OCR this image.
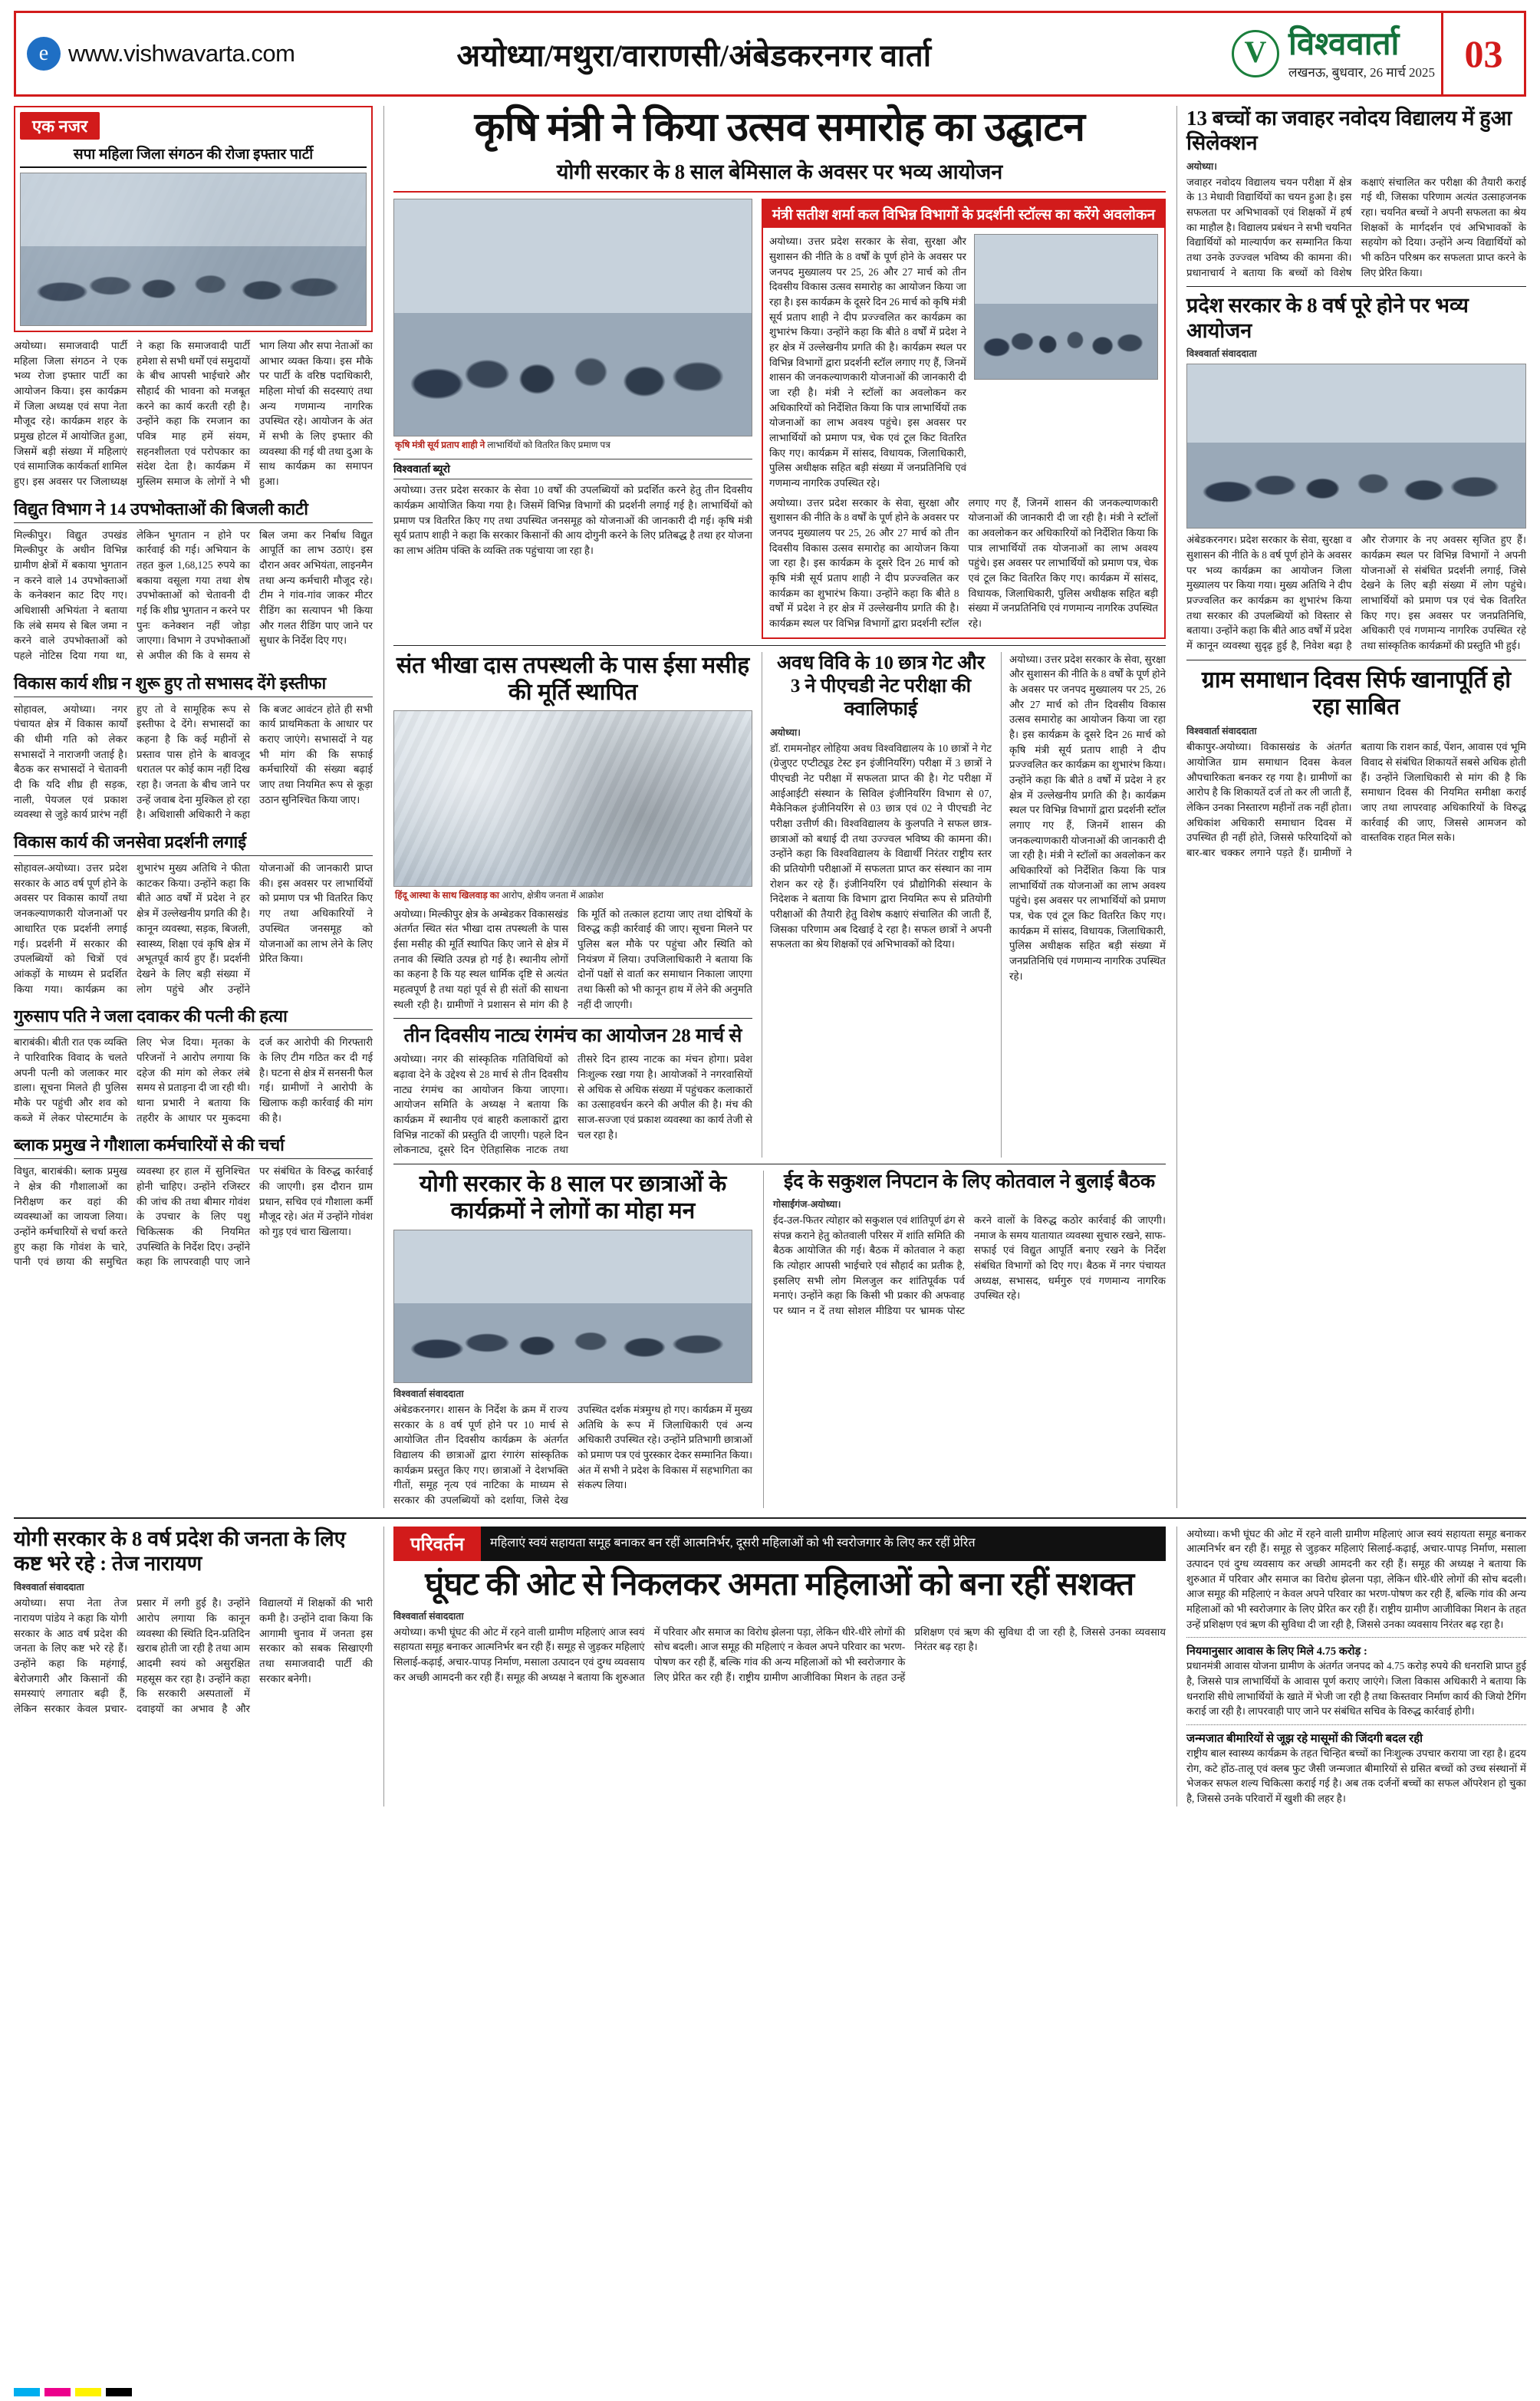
e www.vishwavarta.com	अयोध्या/मथुरा/वाराणसी/अंबेडकरनगर वार्ता V	विश्ववार्ता
लखनऊ, बुधवार, 26 मार्च 2025 03
एक नजर
सपा महिला जिला संगठन की रोजा इफ्तार पार्टी
अयोध्या। समाजवादी पार्टी महिला जिला संगठन ने एक भव्य रोजा इफ्तार पार्टी का आयोजन किया। इस कार्यक्रम में जिला अध्यक्ष एवं सपा नेता मौजूद रहे। कार्यक्रम शहर के प्रमुख होटल में आयोजित हुआ, जिसमें बड़ी संख्या में महिलाएं एवं सामाजिक कार्यकर्ता शामिल हुए। इस अवसर पर जिलाध्यक्ष ने कहा कि समाजवादी पार्टी हमेशा से सभी धर्मों एवं समुदायों के बीच आपसी भाईचारे और सौहार्द की भावना को मजबूत करने का कार्य करती रही है। उन्होंने कहा कि रमजान का पवित्र माह हमें संयम, सहनशीलता एवं परोपकार का संदेश देता है। कार्यक्रम में मुस्लिम समाज के लोगों ने भी भाग लिया और सपा नेताओं का आभार व्यक्त किया। इस मौके पर पार्टी के वरिष्ठ पदाधिकारी, महिला मोर्चा की सदस्याएं तथा अन्य गणमान्य नागरिक उपस्थित रहे। आयोजन के अंत में सभी के लिए इफ्तार की व्यवस्था की गई थी तथा दुआ के साथ कार्यक्रम का समापन हुआ।
विद्युत विभाग ने 14 उपभोक्ताओं की बिजली काटी
मिल्कीपुर। विद्युत उपखंड मिल्कीपुर के अधीन विभिन्न ग्रामीण क्षेत्रों में बकाया भुगतान न करने वाले 14 उपभोक्ताओं के कनेक्शन काट दिए गए। अधिशासी अभियंता ने बताया कि लंबे समय से बिल जमा न करने वाले उपभोक्ताओं को पहले नोटिस दिया गया था, लेकिन भुगतान न होने पर कार्रवाई की गई। अभियान के तहत कुल 1,68,125 रुपये का बकाया वसूला गया तथा शेष उपभोक्ताओं को चेतावनी दी गई कि शीघ्र भुगतान न करने पर पुनः कनेक्शन नहीं जोड़ा जाएगा। विभाग ने उपभोक्ताओं से अपील की कि वे समय से बिल जमा कर निर्बाध विद्युत आपूर्ति का लाभ उठाएं। इस दौरान अवर अभियंता, लाइनमैन तथा अन्य कर्मचारी मौजूद रहे। टीम ने गांव-गांव जाकर मीटर रीडिंग का सत्यापन भी किया और गलत रीडिंग पाए जाने पर सुधार के निर्देश दिए गए।
विकास कार्य शीघ्र न शुरू हुए तो सभासद देंगे इस्तीफा
सोहावल, अयोध्या। नगर पंचायत क्षेत्र में विकास कार्यों की धीमी गति को लेकर सभासदों ने नाराजगी जताई है। बैठक कर सभासदों ने चेतावनी दी कि यदि शीघ्र ही सड़क, नाली, पेयजल एवं प्रकाश व्यवस्था से जुड़े कार्य प्रारंभ नहीं हुए तो वे सामूहिक रूप से इस्तीफा दे देंगे। सभासदों का कहना है कि कई महीनों से प्रस्ताव पास होने के बावजूद धरातल पर कोई काम नहीं दिख रहा है। जनता के बीच जाने पर उन्हें जवाब देना मुश्किल हो रहा है। अधिशासी अधिकारी ने कहा कि बजट आवंटन होते ही सभी कार्य प्राथमिकता के आधार पर कराए जाएंगे। सभासदों ने यह भी मांग की कि सफाई कर्मचारियों की संख्या बढ़ाई जाए तथा नियमित रूप से कूड़ा उठान सुनिश्चित किया जाए।
विकास कार्य की जनसेवा प्रदर्शनी लगाई
सोहावल-अयोध्या। उत्तर प्रदेश सरकार के आठ वर्ष पूर्ण होने के अवसर पर विकास कार्यों तथा जनकल्याणकारी योजनाओं पर आधारित एक प्रदर्शनी लगाई गई। प्रदर्शनी में सरकार की उपलब्धियों को चित्रों एवं आंकड़ों के माध्यम से प्रदर्शित किया गया। कार्यक्रम का शुभारंभ मुख्य अतिथि ने फीता काटकर किया। उन्होंने कहा कि बीते आठ वर्षों में प्रदेश ने हर क्षेत्र में उल्लेखनीय प्रगति की है। कानून व्यवस्था, सड़क, बिजली, स्वास्थ्य, शिक्षा एवं कृषि क्षेत्र में अभूतपूर्व कार्य हुए हैं। प्रदर्शनी देखने के लिए बड़ी संख्या में लोग पहुंचे और उन्होंने योजनाओं की जानकारी प्राप्त की। इस अवसर पर लाभार्थियों को प्रमाण पत्र भी वितरित किए गए तथा अधिकारियों ने उपस्थित जनसमूह को योजनाओं का लाभ लेने के लिए प्रेरित किया।
गुरुसाप पति ने जला दवाकर की पत्नी की हत्या
बाराबंकी। बीती रात एक व्यक्ति ने पारिवारिक विवाद के चलते अपनी पत्नी को जलाकर मार डाला। सूचना मिलते ही पुलिस मौके पर पहुंची और शव को कब्जे में लेकर पोस्टमार्टम के लिए भेज दिया। मृतका के परिजनों ने आरोप लगाया कि दहेज की मांग को लेकर लंबे समय से प्रताड़ना दी जा रही थी। थाना प्रभारी ने बताया कि तहरीर के आधार पर मुकदमा दर्ज कर आरोपी की गिरफ्तारी के लिए टीम गठित कर दी गई है। घटना से क्षेत्र में सनसनी फैल गई। ग्रामीणों ने आरोपी के खिलाफ कड़ी कार्रवाई की मांग की है।
ब्लाक प्रमुख ने गौशाला कर्मचारियों से की चर्चा
विधुत, बाराबंकी। ब्लाक प्रमुख ने क्षेत्र की गौशालाओं का निरीक्षण कर वहां की व्यवस्थाओं का जायजा लिया। उन्होंने कर्मचारियों से चर्चा करते हुए कहा कि गोवंश के चारे, पानी एवं छाया की समुचित व्यवस्था हर हाल में सुनिश्चित होनी चाहिए। उन्होंने रजिस्टर की जांच की तथा बीमार गोवंश के उपचार के लिए पशु चिकित्सक की नियमित उपस्थिति के निर्देश दिए। उन्होंने कहा कि लापरवाही पाए जाने पर संबंधित के विरुद्ध कार्रवाई की जाएगी। इस दौरान ग्राम प्रधान, सचिव एवं गौशाला कर्मी मौजूद रहे। अंत में उन्होंने गोवंश को गुड़ एवं चारा खिलाया।
कृषि मंत्री ने किया उत्सव समारोह का उद्घाटन
योगी सरकार के 8 साल बेमिसाल के अवसर पर भव्य आयोजन
कृषि मंत्री सूर्य प्रताप शाही ने लाभार्थियों को वितरित किए प्रमाण पत्र
विश्ववार्ता ब्यूरो
अयोध्या। उत्तर प्रदेश सरकार के सेवा 10 वर्षों की उपलब्धियों को प्रदर्शित करने हेतु तीन दिवसीय कार्यक्रम आयोजित किया गया है। जिसमें विभिन्न विभागों की प्रदर्शनी लगाई गई है। लाभार्थियों को प्रमाण पत्र वितरित किए गए तथा उपस्थित जनसमूह को योजनाओं की जानकारी दी गई। कृषि मंत्री सूर्य प्रताप शाही ने कहा कि सरकार किसानों की आय दोगुनी करने के लिए प्रतिबद्ध है तथा हर योजना का लाभ अंतिम पंक्ति के व्यक्ति तक पहुंचाया जा रहा है।
मंत्री सतीश शर्मा कल विभिन्न विभागों के प्रदर्शनी स्टॉल्स का करेंगे अवलोकन
अयोध्या। उत्तर प्रदेश सरकार के सेवा, सुरक्षा और सुशासन की नीति के 8 वर्षों के पूर्ण होने के अवसर पर जनपद मुख्यालय पर 25, 26 और 27 मार्च को तीन दिवसीय विकास उत्सव समारोह का आयोजन किया जा रहा है। इस कार्यक्रम के दूसरे दिन 26 मार्च को कृषि मंत्री सूर्य प्रताप शाही ने दीप प्रज्ज्वलित कर कार्यक्रम का शुभारंभ किया। उन्होंने कहा कि बीते 8 वर्षों में प्रदेश ने हर क्षेत्र में उल्लेखनीय प्रगति की है। कार्यक्रम स्थल पर विभिन्न विभागों द्वारा प्रदर्शनी स्टॉल लगाए गए हैं, जिनमें शासन की जनकल्याणकारी योजनाओं की जानकारी दी जा रही है। मंत्री ने स्टॉलों का अवलोकन कर अधिकारियों को निर्देशित किया कि पात्र लाभार्थियों तक योजनाओं का लाभ अवश्य पहुंचे। इस अवसर पर लाभार्थियों को प्रमाण पत्र, चेक एवं टूल किट वितरित किए गए। कार्यक्रम में सांसद, विधायक, जिलाधिकारी, पुलिस अधीक्षक सहित बड़ी संख्या में जनप्रतिनिधि एवं गणमान्य नागरिक उपस्थित रहे।
अयोध्या। उत्तर प्रदेश सरकार के सेवा, सुरक्षा और सुशासन की नीति के 8 वर्षों के पूर्ण होने के अवसर पर जनपद मुख्यालय पर 25, 26 और 27 मार्च को तीन दिवसीय विकास उत्सव समारोह का आयोजन किया जा रहा है। इस कार्यक्रम के दूसरे दिन 26 मार्च को कृषि मंत्री सूर्य प्रताप शाही ने दीप प्रज्ज्वलित कर कार्यक्रम का शुभारंभ किया। उन्होंने कहा कि बीते 8 वर्षों में प्रदेश ने हर क्षेत्र में उल्लेखनीय प्रगति की है। कार्यक्रम स्थल पर विभिन्न विभागों द्वारा प्रदर्शनी स्टॉल लगाए गए हैं, जिनमें शासन की जनकल्याणकारी योजनाओं की जानकारी दी जा रही है। मंत्री ने स्टॉलों का अवलोकन कर अधिकारियों को निर्देशित किया कि पात्र लाभार्थियों तक योजनाओं का लाभ अवश्य पहुंचे। इस अवसर पर लाभार्थियों को प्रमाण पत्र, चेक एवं टूल किट वितरित किए गए। कार्यक्रम में सांसद, विधायक, जिलाधिकारी, पुलिस अधीक्षक सहित बड़ी संख्या में जनप्रतिनिधि एवं गणमान्य नागरिक उपस्थित रहे।
संत भीखा दास तपस्थली के पास ईसा मसीह की मूर्ति स्थापित
हिंदू आस्था के साथ खिलवाड़ का आरोप, क्षेत्रीय जनता में आक्रोश
अयोध्या। मिल्कीपुर क्षेत्र के अम्बेडकर विकासखंड अंतर्गत स्थित संत भीखा दास तपस्थली के पास ईसा मसीह की मूर्ति स्थापित किए जाने से क्षेत्र में तनाव की स्थिति उत्पन्न हो गई है। स्थानीय लोगों का कहना है कि यह स्थल धार्मिक दृष्टि से अत्यंत महत्वपूर्ण है तथा यहां पूर्व से ही संतों की साधना स्थली रही है। ग्रामीणों ने प्रशासन से मांग की है कि मूर्ति को तत्काल हटाया जाए तथा दोषियों के विरुद्ध कड़ी कार्रवाई की जाए। सूचना मिलने पर पुलिस बल मौके पर पहुंचा और स्थिति को नियंत्रण में लिया। उपजिलाधिकारी ने बताया कि दोनों पक्षों से वार्ता कर समाधान निकाला जाएगा तथा किसी को भी कानून हाथ में लेने की अनुमति नहीं दी जाएगी।
तीन दिवसीय नाट्य रंगमंच का आयोजन 28 मार्च से
अयोध्या। नगर की सांस्कृतिक गतिविधियों को बढ़ावा देने के उद्देश्य से 28 मार्च से तीन दिवसीय नाट्य रंगमंच का आयोजन किया जाएगा। आयोजन समिति के अध्यक्ष ने बताया कि कार्यक्रम में स्थानीय एवं बाहरी कलाकारों द्वारा विभिन्न नाटकों की प्रस्तुति दी जाएगी। पहले दिन लोकनाट्य, दूसरे दिन ऐतिहासिक नाटक तथा तीसरे दिन हास्य नाटक का मंचन होगा। प्रवेश निःशुल्क रखा गया है। आयोजकों ने नगरवासियों से अधिक से अधिक संख्या में पहुंचकर कलाकारों का उत्साहवर्धन करने की अपील की है। मंच की साज-सज्जा एवं प्रकाश व्यवस्था का कार्य तेजी से चल रहा है।
अवध विवि के 10 छात्र गेट और 3 ने पीएचडी नेट परीक्षा की क्वालिफाई
अयोध्या।
डॉ. राममनोहर लोहिया अवध विश्वविद्यालय के 10 छात्रों ने गेट (ग्रेजुएट एप्टीट्यूड टेस्ट इन इंजीनियरिंग) परीक्षा में 3 छात्रों ने पीएचडी नेट परीक्षा में सफलता प्राप्त की है। गेट परीक्षा में आईआईटी संस्थान के सिविल इंजीनियरिंग विभाग से 07, मैकेनिकल इंजीनियरिंग से 03 छात्र एवं 02 ने पीएचडी नेट परीक्षा उत्तीर्ण की। विश्वविद्यालय के कुलपति ने सफल छात्र-छात्राओं को बधाई दी तथा उज्ज्वल भविष्य की कामना की। उन्होंने कहा कि विश्वविद्यालय के विद्यार्थी निरंतर राष्ट्रीय स्तर की प्रतियोगी परीक्षाओं में सफलता प्राप्त कर संस्थान का नाम रोशन कर रहे हैं। इंजीनियरिंग एवं प्रौद्योगिकी संस्थान के निदेशक ने बताया कि विभाग द्वारा नियमित रूप से प्रतियोगी परीक्षाओं की तैयारी हेतु विशेष कक्षाएं संचालित की जाती हैं, जिसका परिणाम अब दिखाई दे रहा है। सफल छात्रों ने अपनी सफलता का श्रेय शिक्षकों एवं अभिभावकों को दिया।
अयोध्या। उत्तर प्रदेश सरकार के सेवा, सुरक्षा और सुशासन की नीति के 8 वर्षों के पूर्ण होने के अवसर पर जनपद मुख्यालय पर 25, 26 और 27 मार्च को तीन दिवसीय विकास उत्सव समारोह का आयोजन किया जा रहा है। इस कार्यक्रम के दूसरे दिन 26 मार्च को कृषि मंत्री सूर्य प्रताप शाही ने दीप प्रज्ज्वलित कर कार्यक्रम का शुभारंभ किया। उन्होंने कहा कि बीते 8 वर्षों में प्रदेश ने हर क्षेत्र में उल्लेखनीय प्रगति की है। कार्यक्रम स्थल पर विभिन्न विभागों द्वारा प्रदर्शनी स्टॉल लगाए गए हैं, जिनमें शासन की जनकल्याणकारी योजनाओं की जानकारी दी जा रही है। मंत्री ने स्टॉलों का अवलोकन कर अधिकारियों को निर्देशित किया कि पात्र लाभार्थियों तक योजनाओं का लाभ अवश्य पहुंचे। इस अवसर पर लाभार्थियों को प्रमाण पत्र, चेक एवं टूल किट वितरित किए गए। कार्यक्रम में सांसद, विधायक, जिलाधिकारी, पुलिस अधीक्षक सहित बड़ी संख्या में जनप्रतिनिधि एवं गणमान्य नागरिक उपस्थित रहे।
योगी सरकार के 8 साल पर छात्राओं के कार्यक्रमों ने लोगों का मोहा मन
विश्ववार्ता संवाददाता
अंबेडकरनगर। शासन के निर्देश के क्रम में राज्य सरकार के 8 वर्ष पूर्ण होने पर 10 मार्च से आयोजित तीन दिवसीय कार्यक्रम के अंतर्गत विद्यालय की छात्राओं द्वारा रंगारंग सांस्कृतिक कार्यक्रम प्रस्तुत किए गए। छात्राओं ने देशभक्ति गीतों, समूह नृत्य एवं नाटिका के माध्यम से सरकार की उपलब्धियों को दर्शाया, जिसे देख उपस्थित दर्शक मंत्रमुग्ध हो गए। कार्यक्रम में मुख्य अतिथि के रूप में जिलाधिकारी एवं अन्य अधिकारी उपस्थित रहे। उन्होंने प्रतिभागी छात्राओं को प्रमाण पत्र एवं पुरस्कार देकर सम्मानित किया। अंत में सभी ने प्रदेश के विकास में सहभागिता का संकल्प लिया।
ईद के सकुशल निपटान के लिए कोतवाल ने बुलाई बैठक
गोसाईंगंज-अयोध्या।
ईद-उल-फितर त्योहार को सकुशल एवं शांतिपूर्ण ढंग से संपन्न कराने हेतु कोतवाली परिसर में शांति समिति की बैठक आयोजित की गई। बैठक में कोतवाल ने कहा कि त्योहार आपसी भाईचारे एवं सौहार्द का प्रतीक है, इसलिए सभी लोग मिलजुल कर शांतिपूर्वक पर्व मनाएं। उन्होंने कहा कि किसी भी प्रकार की अफवाह पर ध्यान न दें तथा सोशल मीडिया पर भ्रामक पोस्ट करने वालों के विरुद्ध कठोर कार्रवाई की जाएगी। नमाज के समय यातायात व्यवस्था सुचारु रखने, साफ-सफाई एवं विद्युत आपूर्ति बनाए रखने के निर्देश संबंधित विभागों को दिए गए। बैठक में नगर पंचायत अध्यक्ष, सभासद, धर्मगुरु एवं गणमान्य नागरिक उपस्थित रहे।
13 बच्चों का जवाहर नवोदय विद्यालय में हुआ सिलेक्शन
अयोध्या।
जवाहर नवोदय विद्यालय चयन परीक्षा में क्षेत्र के 13 मेधावी विद्यार्थियों का चयन हुआ है। इस सफलता पर अभिभावकों एवं शिक्षकों में हर्ष का माहौल है। विद्यालय प्रबंधन ने सभी चयनित विद्यार्थियों को माल्यार्पण कर सम्मानित किया तथा उनके उज्ज्वल भविष्य की कामना की। प्रधानाचार्य ने बताया कि बच्चों को विशेष कक्षाएं संचालित कर परीक्षा की तैयारी कराई गई थी, जिसका परिणाम अत्यंत उत्साहजनक रहा। चयनित बच्चों ने अपनी सफलता का श्रेय शिक्षकों के मार्गदर्शन एवं अभिभावकों के सहयोग को दिया। उन्होंने अन्य विद्यार्थियों को भी कठिन परिश्रम कर सफलता प्राप्त करने के लिए प्रेरित किया।
प्रदेश सरकार के 8 वर्ष पूरे होने पर भव्य आयोजन
विश्ववार्ता संवाददाता
अंबेडकरनगर। प्रदेश सरकार के सेवा, सुरक्षा व सुशासन की नीति के 8 वर्ष पूर्ण होने के अवसर पर भव्य कार्यक्रम का आयोजन जिला मुख्यालय पर किया गया। मुख्य अतिथि ने दीप प्रज्ज्वलित कर कार्यक्रम का शुभारंभ किया तथा सरकार की उपलब्धियों को विस्तार से बताया। उन्होंने कहा कि बीते आठ वर्षों में प्रदेश में कानून व्यवस्था सुदृढ़ हुई है, निवेश बढ़ा है और रोजगार के नए अवसर सृजित हुए हैं। कार्यक्रम स्थल पर विभिन्न विभागों ने अपनी योजनाओं से संबंधित प्रदर्शनी लगाई, जिसे देखने के लिए बड़ी संख्या में लोग पहुंचे। लाभार्थियों को प्रमाण पत्र एवं चेक वितरित किए गए। इस अवसर पर जनप्रतिनिधि, अधिकारी एवं गणमान्य नागरिक उपस्थित रहे तथा सांस्कृतिक कार्यक्रमों की प्रस्तुति भी हुई।
ग्राम समाधान दिवस सिर्फ खानापूर्ति हो रहा साबित
विश्ववार्ता संवाददाता
बीकापुर-अयोध्या। विकासखंड के अंतर्गत आयोजित ग्राम समाधान दिवस केवल औपचारिकता बनकर रह गया है। ग्रामीणों का आरोप है कि शिकायतें दर्ज तो कर ली जाती हैं, लेकिन उनका निस्तारण महीनों तक नहीं होता। अधिकांश अधिकारी समाधान दिवस में उपस्थित ही नहीं होते, जिससे फरियादियों को बार-बार चक्कर लगाने पड़ते हैं। ग्रामीणों ने बताया कि राशन कार्ड, पेंशन, आवास एवं भूमि विवाद से संबंधित शिकायतें सबसे अधिक होती हैं। उन्होंने जिलाधिकारी से मांग की है कि समाधान दिवस की नियमित समीक्षा कराई जाए तथा लापरवाह अधिकारियों के विरुद्ध कार्रवाई की जाए, जिससे आमजन को वास्तविक राहत मिल सके।
योगी सरकार के 8 वर्ष प्रदेश की जनता के लिए कष्ट भरे रहे : तेज नारायण
विश्ववार्ता संवाददाता
अयोध्या। सपा नेता तेज नारायण पांडेय ने कहा कि योगी सरकार के आठ वर्ष प्रदेश की जनता के लिए कष्ट भरे रहे हैं। उन्होंने कहा कि महंगाई, बेरोजगारी और किसानों की समस्याएं लगातार बढ़ी हैं, लेकिन सरकार केवल प्रचार-प्रसार में लगी हुई है। उन्होंने आरोप लगाया कि कानून व्यवस्था की स्थिति दिन-प्रतिदिन खराब होती जा रही है तथा आम आदमी स्वयं को असुरक्षित महसूस कर रहा है। उन्होंने कहा कि सरकारी अस्पतालों में दवाइयों का अभाव है और विद्यालयों में शिक्षकों की भारी कमी है। उन्होंने दावा किया कि आगामी चुनाव में जनता इस सरकार को सबक सिखाएगी तथा समाजवादी पार्टी की सरकार बनेगी।
परिवर्तन	महिलाएं स्वयं सहायता समूह बनाकर बन रहीं आत्मनिर्भर, दूसरी महिलाओं को भी स्वरोजगार के लिए कर रहीं प्रेरित
घूंघट की ओट से निकलकर अमता महिलाओं को बना रहीं सशक्त
विश्ववार्ता संवाददाता
अयोध्या। कभी घूंघट की ओट में रहने वाली ग्रामीण महिलाएं आज स्वयं सहायता समूह बनाकर आत्मनिर्भर बन रही हैं। समूह से जुड़कर महिलाएं सिलाई-कढ़ाई, अचार-पापड़ निर्माण, मसाला उत्पादन एवं दुग्ध व्यवसाय कर अच्छी आमदनी कर रही हैं। समूह की अध्यक्ष ने बताया कि शुरुआत में परिवार और समाज का विरोध झेलना पड़ा, लेकिन धीरे-धीरे लोगों की सोच बदली। आज समूह की महिलाएं न केवल अपने परिवार का भरण-पोषण कर रही हैं, बल्कि गांव की अन्य महिलाओं को भी स्वरोजगार के लिए प्रेरित कर रही हैं। राष्ट्रीय ग्रामीण आजीविका मिशन के तहत उन्हें प्रशिक्षण एवं ऋण की सुविधा दी जा रही है, जिससे उनका व्यवसाय निरंतर बढ़ रहा है।
अयोध्या। कभी घूंघट की ओट में रहने वाली ग्रामीण महिलाएं आज स्वयं सहायता समूह बनाकर आत्मनिर्भर बन रही हैं। समूह से जुड़कर महिलाएं सिलाई-कढ़ाई, अचार-पापड़ निर्माण, मसाला उत्पादन एवं दुग्ध व्यवसाय कर अच्छी आमदनी कर रही हैं। समूह की अध्यक्ष ने बताया कि शुरुआत में परिवार और समाज का विरोध झेलना पड़ा, लेकिन धीरे-धीरे लोगों की सोच बदली। आज समूह की महिलाएं न केवल अपने परिवार का भरण-पोषण कर रही हैं, बल्कि गांव की अन्य महिलाओं को भी स्वरोजगार के लिए प्रेरित कर रही हैं। राष्ट्रीय ग्रामीण आजीविका मिशन के तहत उन्हें प्रशिक्षण एवं ऋण की सुविधा दी जा रही है, जिससे उनका व्यवसाय निरंतर बढ़ रहा है।
नियमानुसार आवास के लिए मिले 4.75 करोड़ :
प्रधानमंत्री आवास योजना ग्रामीण के अंतर्गत जनपद को 4.75 करोड़ रुपये की धनराशि प्राप्त हुई है, जिससे पात्र लाभार्थियों के आवास पूर्ण कराए जाएंगे। जिला विकास अधिकारी ने बताया कि धनराशि सीधे लाभार्थियों के खाते में भेजी जा रही है तथा किस्तवार निर्माण कार्य की जियो टैगिंग कराई जा रही है। लापरवाही पाए जाने पर संबंधित सचिव के विरुद्ध कार्रवाई होगी।
जन्मजात बीमारियों से जूझ रहे मासूमों की जिंदगी बदल रही
राष्ट्रीय बाल स्वास्थ्य कार्यक्रम के तहत चिन्हित बच्चों का निःशुल्क उपचार कराया जा रहा है। हृदय रोग, कटे होंठ-तालू एवं क्लब फुट जैसी जन्मजात बीमारियों से ग्रसित बच्चों को उच्च संस्थानों में भेजकर सफल शल्य चिकित्सा कराई गई है। अब तक दर्जनों बच्चों का सफल ऑपरेशन हो चुका है, जिससे उनके परिवारों में खुशी की लहर है।
